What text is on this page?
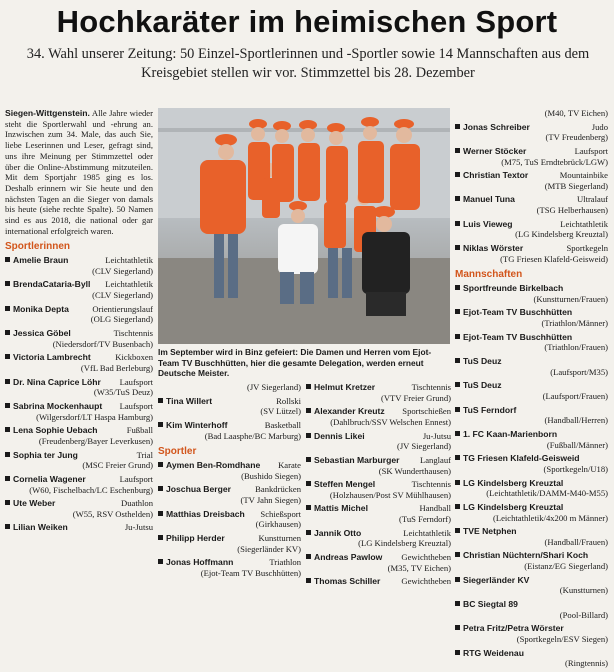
Hochkaräter im heimischen Sport
34. Wahl unserer Zeitung: 50 Einzel-Sportlerinnen und -Sportler sowie 14 Mannschaften aus dem Kreisgebiet stellen wir vor. Stimmzettel bis 28. Dezember
Siegen-Wittgenstein. Alle Jahre wieder steht die Sportlerwahl und -ehrung an. Inzwischen zum 34. Male, das auch Sie, liebe Leserinnen und Leser, gefragt sind, uns ihre Meinung per Stimmzettel oder über die Online-Abstimmung mitzuteilen. Mit dem Sportjahr 1985 ging es los. Deshalb erinnern wir Sie heute und den nächsten Tagen an die Sieger von damals bis heute (siehe rechte Spalte). 50 Namen sind es aus 2018, die national oder gar international erfolgreich waren.
Sportlerinnen
Amelie Braun	Leichtathletik
(CLV Siegerland)
BrendaCataria-Byll Leichtathletik
(CLV Siegerland)
Monika Depta	Orientierungslauf
(OLG Siegerland)
Jessica Göbel	Tischtennis
(Niedersdorf/TV Busenbach)
Victoria Lambrecht	Kickboxen
(VfL Bad Berleburg)
Dr. Nina Caprice Löhr Laufsport
(W35/TuS Deuz)
Sabrina Mockenhaupt Laufsport
(Wilgersdorf/LT Haspa Hamburg)
Lena Sophie Uebach	Fußball
(Freudenberg/Bayer Leverkusen)
Sophia ter Jung	Trial
(MSC Freier Grund)
Cornelia Wagener	Laufsport
(W60, Fischelbach/LC Eschenburg)
Ute Weber	Duathlon
(W55, RSV Osthelden)
Lilian Weiken	Ju-Jutsu
Im September wird in Binz gefeiert: Die Damen und Herren vom Ejot-Team TV Buschhütten, hier die gesamte Delegation, werden erneut Deutsche Meister.
(JV Siegerland)
Tina Willert	Rollski
(SV Lützel)
Kim Winterhoff	Basketball
(Bad Laasphe/BC Marburg)
Sportler
Aymen Ben-Romdhane Karate
(Bushido Siegen)
Joschua Berger	Bankdrücken
(TV Jahn Siegen)
Matthias Dreisbach Schießsport
(Girkhausen)
Philipp Herder	Kunstturnen
(Siegerländer KV)
Jonas Hoffmann	Triathlon
(Ejot-Team TV Buschhütten)
Helmut Kretzer	Tischtennis
(VTV Freier Grund)
Alexander Kreutz Sportschießen
(Dahlbruch/SSV Welschen Ennest)
Dennis Likei	Ju-Jutsu
(JV Siegerland)
Sebastian Marburger Langlauf
(SK Wunderthausen)
Steffen Mengel	Tischtennis
(Holzhausen/Post SV Mühlhausen)
Mattis Michel	Handball
(TuS Ferndorf)
Jannik Otto	Leichtathletik
(LG Kindelsberg Kreuztal)
Andreas Pawlow Gewichtheben
(M35, TV Eichen)
Thomas Schiller Gewichtheben
(M40, TV Eichen)
Jonas Schreiber	Judo
(TV Freudenberg)
Werner Stöcker	Laufsport
(M75, TuS Erndtebrück/LGW)
Christian Textor	Mountainbike
(MTB Siegerland)
Manuel Tuna	Ultralauf
(TSG Helberhausen)
Luis Vieweg	Leichtathletik
(LG Kindelsberg Kreuztal)
Niklas Wörster	Sportkegeln
(TG Friesen Klafeld-Geisweid)
Mannschaften
Sportfreunde Birkelbach
(Kunstturnen/Frauen)
Ejot-Team TV Buschhütten
(Triathlon/Männer)
Ejot-Team TV Buschhütten
(Triathlon/Frauen)
TuS Deuz
(Laufsport/M35)
TuS Deuz
(Laufsport/Frauen)
TuS Ferndorf
(Handball/Herren)
1. FC Kaan-Marienborn
(Fußball/Männer)
TG Friesen Klafeld-Geisweid
(Sportkegeln/U18)
LG Kindelsberg Kreuztal
(Leichtathletik/DAMM-M40-M55)
LG Kindelsberg Kreuztal
(Leichtathletik/4x200 m Männer)
TVE Netphen
(Handball/Frauen)
Christian Nüchtern/Shari Koch
(Eistanz/EG Siegerland)
Siegerländer KV
(Kunstturnen)
BC Siegtal 89
(Pool-Billard)
Petra Fritz/Petra Wörster
(Sportkegeln/ESV Siegen)
RTG Weidenau
(Ringtennis)
